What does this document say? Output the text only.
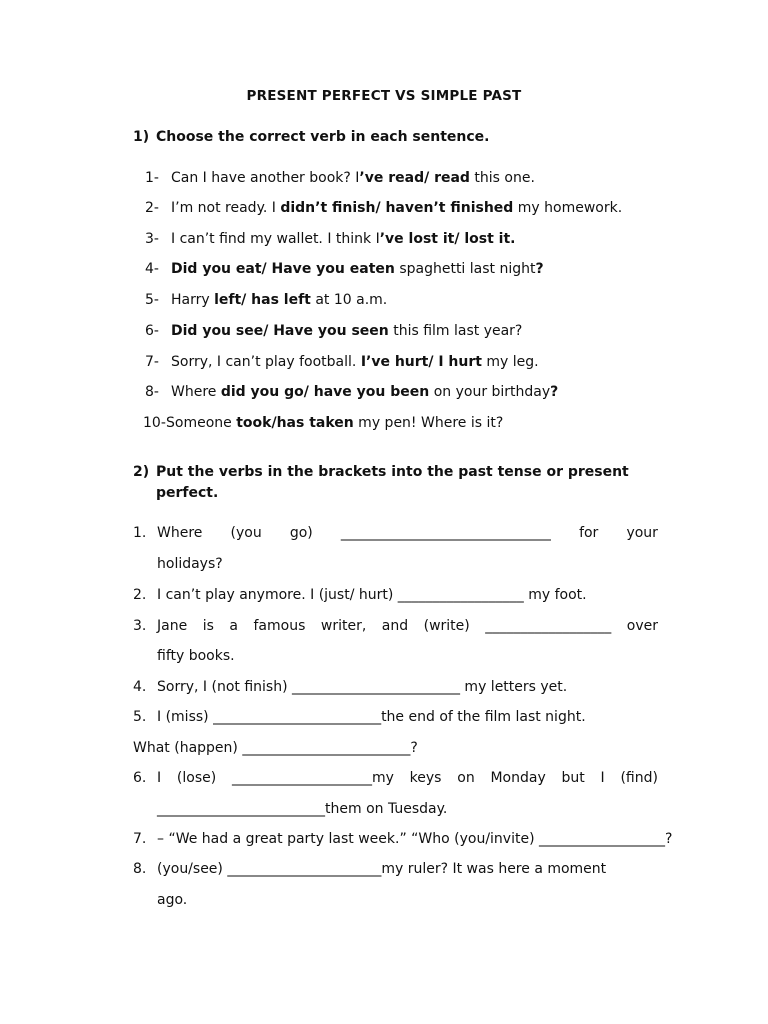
PRESENT PERFECT VS SIMPLE PAST
1) Choose the correct verb in each sentence.
1- Can I have another book? I’ve read/ read this one.
2- I’m not ready. I didn’t finish/ haven’t finished my homework.
3- I can’t find my wallet. I think I’ve lost it/ lost it.
4- Did you eat/ Have you eaten spaghetti last night?
5- Harry left/ has left at 10 a.m.
6- Did you see/ Have you seen this film last year?
7- Sorry, I can’t play football. I’ve hurt/ I hurt my leg.
8- Where did you go/ have you been on your birthday?
10- Someone took/has taken my pen! Where is it?
2) Put the verbs in the brackets into the past tense or present
perfect.
1. Where (you go) ______________________________ for your
holidays?
2. I can’t play anymore. I (just/ hurt) __________________ my foot.
3. Jane is a famous writer, and (write) __________________ over
fifty books.
4. Sorry, I (not finish) ________________________ my letters yet.
5. I (miss) ________________________the end of the film last night.
What (happen) ________________________?
6. I (lose) ____________________my keys on Monday but I (find)
________________________them on Tuesday.
7. – “We had a great party last week.” “Who (you/invite) __________________?
8. (you/see) ______________________my ruler? It was here a moment
ago.
